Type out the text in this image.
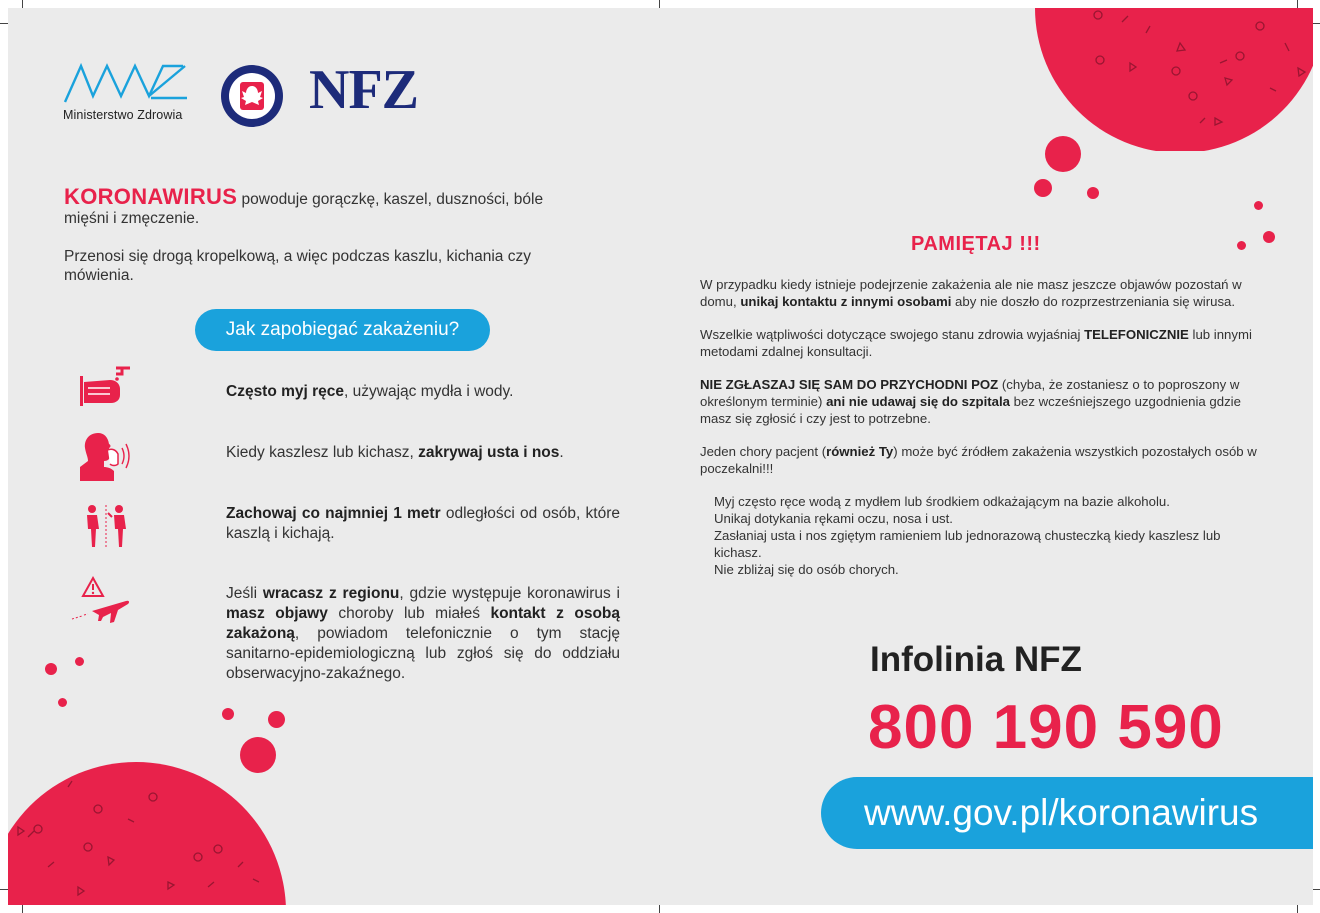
Ministerstwo Zdrowia NFZ

KORONAWIRUS powoduje gorączkę, kaszel, duszności, bóle mięśni i zmęczenie.

Przenosi się drogą kropelkową, a więc podczas kaszlu, kichania czy mówienia.

Jak zapobiegać zakażeniu?
Często myj ręce, używając mydła i wody.
Kiedy kaszlesz lub kichasz, zakrywaj usta i nos.
Zachowaj co najmniej 1 metr odległości od osób, które kaszlą i kichają.
Jeśli wracasz z regionu, gdzie występuje koronawirus i masz objawy choroby lub miałeś kontakt z osobą zakażoną, powiadom telefonicznie o tym stację sanitarno-epidemiologiczną lub zgłoś się do oddziału obserwacyjno-zakaźnego.
PAMIĘTAJ !!!

W przypadku kiedy istnieje podejrzenie zakażenia ale nie masz jeszcze objawów pozostań w domu, unikaj kontaktu z innymi osobami aby nie doszło do rozprzestrzeniania się wirusa.

Wszelkie wątpliwości dotyczące swojego stanu zdrowia wyjaśniaj TELEFONICZNIE lub innymi metodami zdalnej konsultacji.

NIE ZGŁASZAJ SIĘ SAM DO PRZYCHODNI POZ (chyba, że zostaniesz o to poproszony w określonym terminie) ani nie udawaj się do szpitala bez wcześniejszego uzgodnienia gdzie masz się zgłosić i czy jest to potrzebne.

Jeden chory pacjent (również Ty) może być źródłem zakażenia wszystkich pozostałych osób w poczekalni!!!

Myj często ręce wodą z mydłem lub środkiem odkażającym na bazie alkoholu.
Unikaj dotykania rękami oczu, nosa i ust.
Zasłaniaj usta i nos zgiętym ramieniem lub jednorazową chusteczką kiedy kaszlesz lub kichasz.
Nie zbliżaj się do osób chorych.
Infolinia NFZ
800 190 590
www.gov.pl/koronawirus
